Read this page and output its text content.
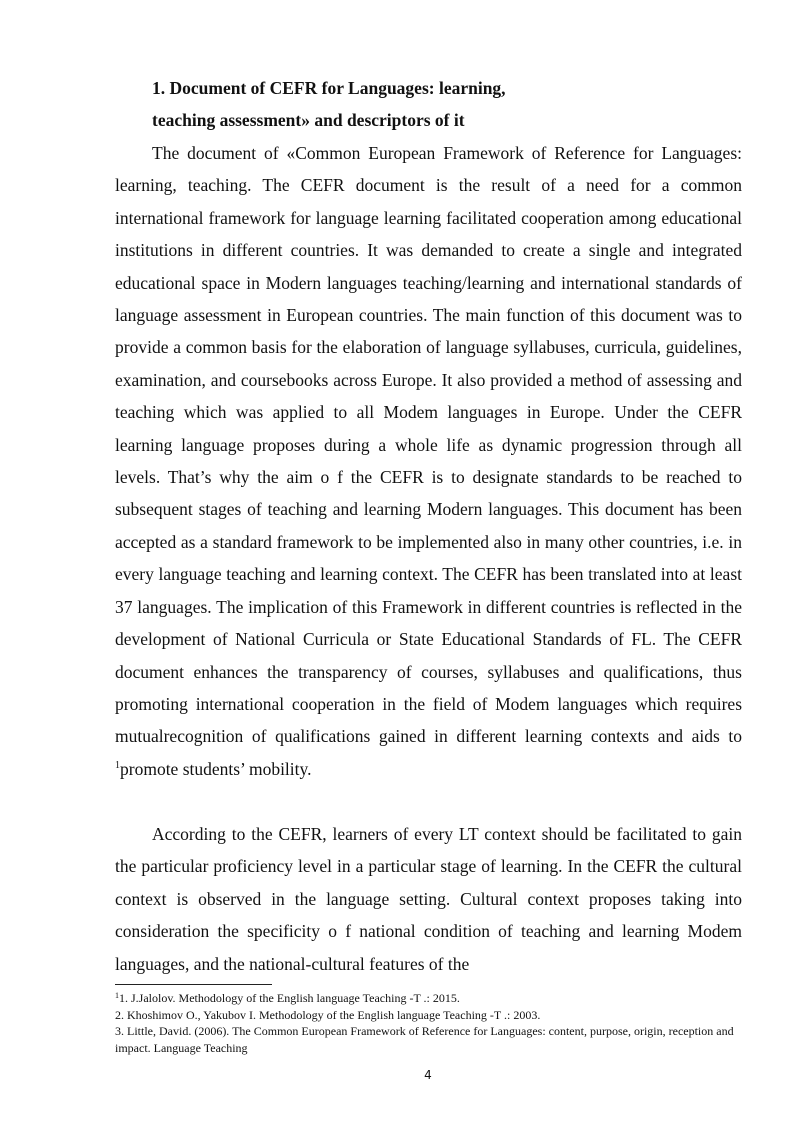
1. Document of CEFR for Languages: learning,
teaching assessment» and descriptors of it

The document of «Common European Framework of Reference for Languages: learning, teaching. The CEFR document is the result of a need for a common international framework for language learning facilitated cooperation among educational institutions in different countries. It was demanded to create a single and integrated educational space in Modern languages teaching/learning and international standards of language assessment in European countries. The main function of this document was to provide a common basis for the elaboration of language syllabuses, curricula, guidelines, examination, and coursebooks across Europe. It also provided a method of assessing and teaching which was applied to all Modem languages in Europe. Under the CEFR learning language proposes during a whole life as dynamic progression through all levels. That’s why the aim o f the CEFR is to designate standards to be reached to subsequent stages of teaching and learning Modern languages. This document has been accepted as a standard framework to be implemented also in many other countries, i.e. in every language teaching and learning context. The CEFR has been translated into at least 37 languages. The implication of this Framework in different countries is reflected in the development of National Curricula or State Educational Standards of FL. The CEFR document enhances the transparency of courses, syllabuses and qualifications, thus promoting international cooperation in the field of Modem languages which requires mutualrecognition of qualifications gained in different learning contexts and aids to $^1$promote students’ mobility.

According to the CEFR, learners of every LT context should be facilitated to gain the particular proficiency level in a particular stage of learning. In the CEFR the cultural context is observed in the language setting. Cultural context proposes taking into consideration the specificity o f national condition of teaching and learning Modem languages, and the national-cultural features of the

$^1$1. J.Jalolov. Methodology of the English language Teaching -T .: 2015.

2. Khoshimov O., Yakubov I. Methodology of the English language Teaching -T .: 2003.

3. Little, David. (2006). The Common European Framework of Reference for Languages: content, purpose, origin, reception and impact. Language Teaching

4
